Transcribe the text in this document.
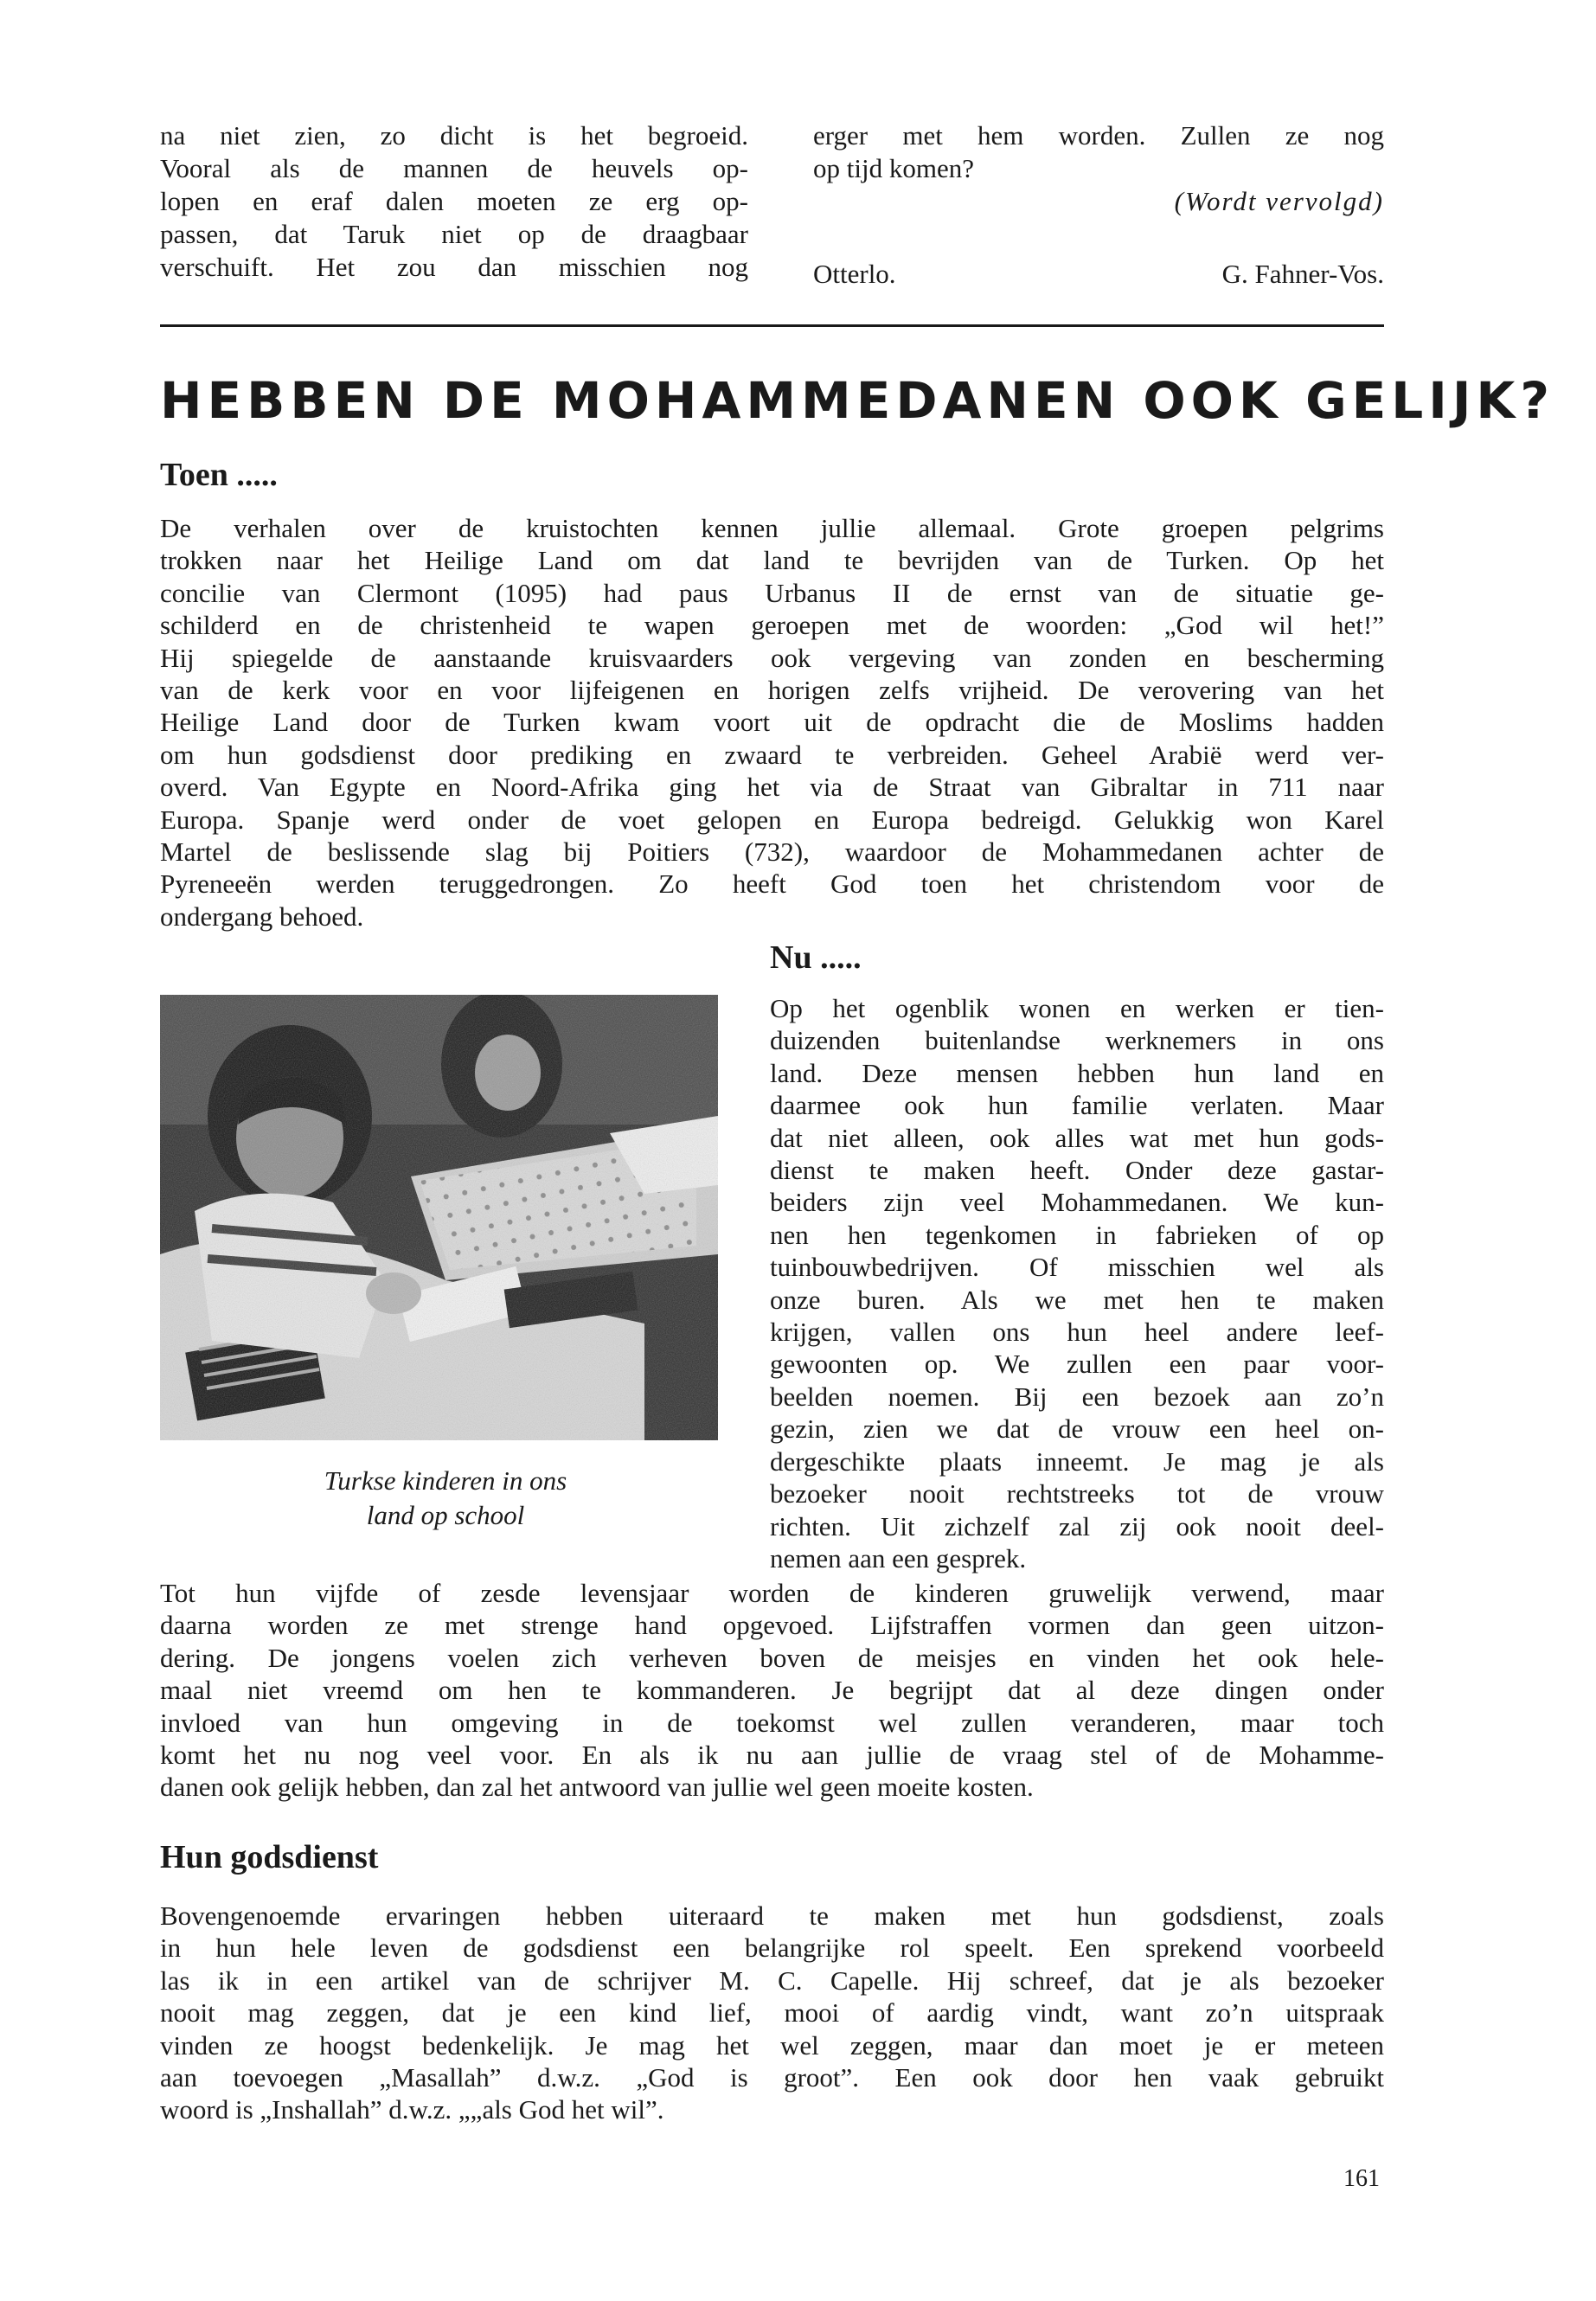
na niet zien, zo dicht is het begroeid.
Vooral als de mannen de heuvels op-
lopen en eraf dalen moeten ze erg op-
passen, dat Taruk niet op de draagbaar
verschuift. Het zou dan misschien nog
erger met hem worden. Zullen ze nog
op tijd komen?
(Wordt vervolgd)
Otterlo.	G. Fahner-Vos.
HEBBEN DE MOHAMMEDANEN OOK GELIJK?
Toen .....
De verhalen over de kruistochten kennen jullie allemaal. Grote groepen pelgrims
trokken naar het Heilige Land om dat land te bevrijden van de Turken. Op het
concilie van Clermont (1095) had paus Urbanus II de ernst van de situatie ge-
schilderd en de christenheid te wapen geroepen met de woorden: „God wil het!”
Hij spiegelde de aanstaande kruisvaarders ook vergeving van zonden en bescherming
van de kerk voor en voor lijfeigenen en horigen zelfs vrijheid. De verovering van het
Heilige Land door de Turken kwam voort uit de opdracht die de Moslims hadden
om hun godsdienst door prediking en zwaard te verbreiden. Geheel Arabië werd ver-
overd. Van Egypte en Noord-Afrika ging het via de Straat van Gibraltar in 711 naar
Europa. Spanje werd onder de voet gelopen en Europa bedreigd. Gelukkig won Karel
Martel de beslissende slag bij Poitiers (732), waardoor de Mohammedanen achter de
Pyreneeën werden teruggedrongen. Zo heeft God toen het christendom voor de
ondergang behoed.
Turkse kinderen in ons
land op school
Nu .....
Op het ogenblik wonen en werken er tien-
duizenden buitenlandse werknemers in ons
land. Deze mensen hebben hun land en
daarmee ook hun familie verlaten. Maar
dat niet alleen, ook alles wat met hun gods-
dienst te maken heeft. Onder deze gastar-
beiders zijn veel Mohammedanen. We kun-
nen hen tegenkomen in fabrieken of op
tuinbouwbedrijven. Of misschien wel als
onze buren. Als we met hen te maken
krijgen, vallen ons hun heel andere leef-
gewoonten op. We zullen een paar voor-
beelden noemen. Bij een bezoek aan zo’n
gezin, zien we dat de vrouw een heel on-
dergeschikte plaats inneemt. Je mag je als
bezoeker nooit rechtstreeks tot de vrouw
richten. Uit zichzelf zal zij ook nooit deel-
nemen aan een gesprek.
Tot hun vijfde of zesde levensjaar worden de kinderen gruwelijk verwend, maar
daarna worden ze met strenge hand opgevoed. Lijfstraffen vormen dan geen uitzon-
dering. De jongens voelen zich verheven boven de meisjes en vinden het ook hele-
maal niet vreemd om hen te kommanderen. Je begrijpt dat al deze dingen onder
invloed van hun omgeving in de toekomst wel zullen veranderen, maar toch
komt het nu nog veel voor. En als ik nu aan jullie de vraag stel of de Mohamme-
danen ook gelijk hebben, dan zal het antwoord van jullie wel geen moeite kosten.
Hun godsdienst
Bovengenoemde ervaringen hebben uiteraard te maken met hun godsdienst, zoals
in hun hele leven de godsdienst een belangrijke rol speelt. Een sprekend voorbeeld
las ik in een artikel van de schrijver M. C. Capelle. Hij schreef, dat je als bezoeker
nooit mag zeggen, dat je een kind lief, mooi of aardig vindt, want zo’n uitspraak
vinden ze hoogst bedenkelijk. Je mag het wel zeggen, maar dan moet je er meteen
aan toevoegen „Masallah” d.w.z. „God is groot”. Een ook door hen vaak gebruikt
woord is „Inshallah” d.w.z. „„als God het wil”.
161
